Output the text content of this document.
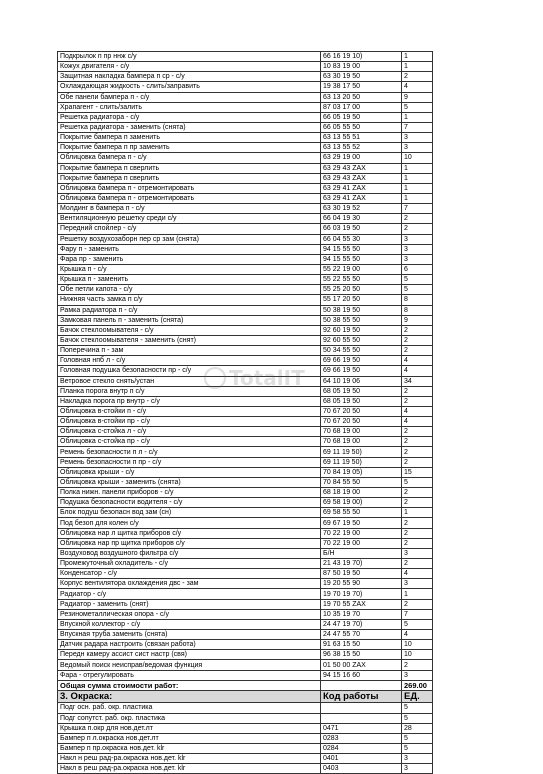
Подкрылок п пр ннж с/у	66 16 19 10)	1
Кожух двигателя - с/у	10 83 19 00	1
Защитная накладка бампера п ср - с/у	63 30 19 50	2
Охлаждающая жидкость - слить/заправить	19 38 17 50	4
Обе панели бампера п - с/у	63 13 20 50	9
Храпагент - слить/залить	87 03 17 00	5
Решетка радиатора - с/у	66 05 19 50	1
Решетка радиатора - заменить (снята)	66 05 55 50	7
Покрытие бампера п заменить	63 13 55 51	3
Покрытие бампера п пр заменить	63 13 55 52	3
Облицовка бампера п - с/у	63 29 19 00	10
Покрытие бампера п сверлить	63 29 43 ZAX	1
Покрытие бампера п сверлить	63 29 43 ZAX	1
Облицовка бампера п - отремонтировать	63 29 41 ZAX	1
Облицовка бампера п - отремонтировать	63 29 41 ZAX	1
Молдинг в бампера п - с/у	63 30 19 52	7
Вентиляционную решетку среди с/у	66 04 19 30	2
Передний спойлер - с/у	66 03 19 50	2
Решетку воздухозаборн пер ср зам (снята)	66 04 55 30	3
Фару п - заменить	94 15 55 50	3
Фара пр - заменить	94 15 55 50	3
Крышка п - с/у	55 22 19 00	6
Крышка п - заменить	55 22 55 50	5
Обе петли капота - с/у	55 25 20 50	5
Нижняя часть замка п с/у	55 17 20 50	8
Рамка радиатора п - с/у	50 38 19 50	8
Замковая панель п - заменить (снята)	50 38 55 50	9
Бачок стеклоомывателя - с/у	92 60 19 50	2
Бачок стеклоомывателя - заменить (снят)	92 60 55 50	2
Поперечина п - зам	50 34 55 50	2
Головная нпб л - с/у	69 66 19 50	4
Головная подушка безопасности пр - с/у	69 66 19 50	4
Ветровое стекло снять/устан	64 10 19 06	34
Планка порога внутр п с/у	68 05 19 50	2
Накладка порога пр внутр - с/у	68 05 19 50	2
Облицовка в-стойки п - с/у	70 67 20 50	4
Облицовка в-стойки пр - с/у	70 67 20 50	4
Облицовка с-стойка л - с/у	70 68 19 00	2
Облицовка с-стойка пр - с/у	70 68 19 00	2
Ремень безопасности п л - с/у	69 11 19 50)	2
Ремень безопасности п пр - с/у	69 11 19 50)	2
Облицовка крыши - с/у	70 84 19 05)	15
Облицовка крыши - заменить (снята)	70 84 55 50	5
Полка нижн. панели приборов - с/у	68 18 19 00	2
Подушка безопасности водителя - с/у	69 58 19 00)	2
Блок подуш безопасн вод зам (сн)	69 58 55 50	1
Под безоп для колен с/у	69 67 19 50	2
Облицовка нар л щитка приборов с/у	70 22 19 00	2
Облицовка нар пр щитка приборов с/у	70 22 19 00	2
Воздуховод воздушного фильтра с/у	Б/Н	3
Промежуточный охладитель - с/у	21 43 19 70)	2
Конденсатор - с/у	87 50 19 50	4
Корпус вентилятора охлаждения двс - зам	19 20 55 90	3
Радиатор - с/у	19 70 19 70)	1
Радиатор - заменить (снят)	19 70 55 ZAX	2
Резинометаллическая опора - с/у	10 35 19 70	7
Впускной коллектор - с/у	24 47 19 70)	5
Впускная труба заменить (снята)	24 47 55 70	4
Датчик радара настроить (связан работа)	91 63 15 50	10
Передн камеру ассист сист настр (свя)	96 38 15 50	10
Ведомый поиск неисправ/ведомая функция	01 50 00 ZAX	2
Фара - отрегулировать	94 15 16 60	3
Общая сумма стоимости работ:		269.00
3. Окраска:	Код работы	ЕД.
Подг осн. раб. окр. пластика		5
Подг сопутст. раб. окр. пластика		5
Крышка п.окр для нов.дет.лт	0471	28
Бампер п л.окраска нов.дет.лт	0283	5
Бампер п пр.окраска нов.дет. klr	0284	5
Накл н реш рад-ра.окраска нов.дет. klr	0401	3
Накл в реш рад-ра.окраска нов.дет. klr	0403	3
TotalIT
